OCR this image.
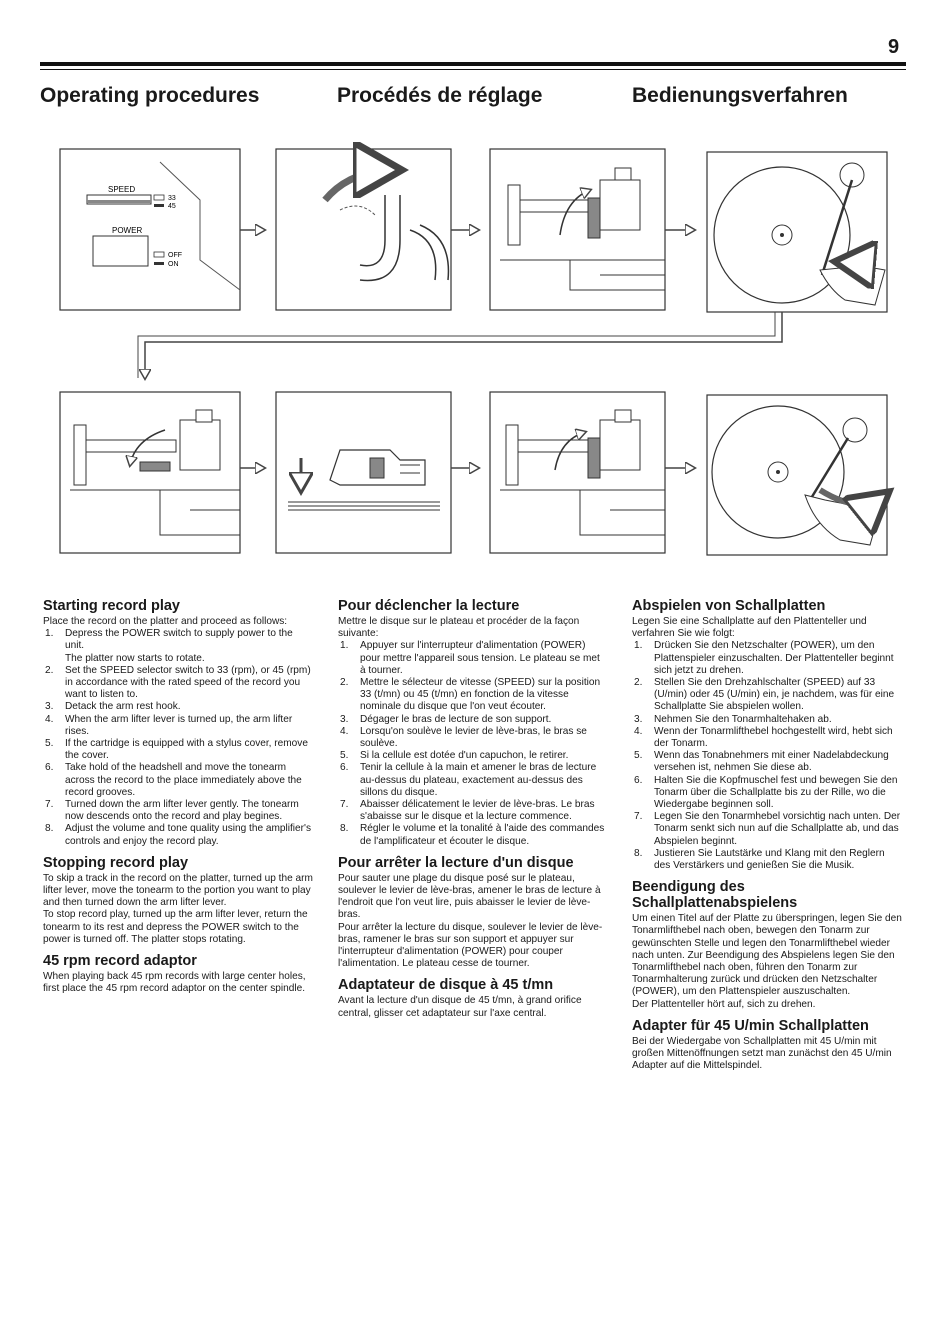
9
Operating procedures	Procédés de réglage	Bedienungsverfahren
SPEED
33
45
POWER
OFF
ON
Starting record play

Place the record on the platter and proceed as follows:

1. Depress the POWER switch to supply power to the unit.
The platter now starts to rotate.
2. Set the SPEED selector switch to 33 (rpm), or 45 (rpm) in accordance with the rated speed of the record you want to listen to.
3. Detack the arm rest hook.
4. When the arm lifter lever is turned up, the arm lifter rises.
5. If the cartridge is equipped with a stylus cover, remove the cover.
6. Take hold of the headshell and move the tonearm across the record to the place immediately above the record grooves.
7. Turned down the arm lifter lever gently. The tonearm now descends onto the record and play begines.
8. Adjust the volume and tone quality using the amplifier's controls and enjoy the record play.
Stopping record play

To skip a track in the record on the platter, turned up the arm lifter lever, move the tonearm to the portion you want to play and then turned down the arm lifter lever.

To stop record play, turned up the arm lifter lever, return the tonearm to its rest and depress the POWER switch to the power is turned off. The platter stops rotating.

45 rpm record adaptor

When playing back 45 rpm records with large center holes, first place the 45 rpm record adaptor on the center spindle.

Pour déclencher la lecture

Mettre le disque sur le plateau et procéder de la façon suivante:

1. Appuyer sur l'interrupteur d'alimentation (POWER) pour mettre l'appareil sous tension. Le plateau se met à tourner.
2. Mettre le sélecteur de vitesse (SPEED) sur la position 33 (t/mn) ou 45 (t/mn) en fonction de la vitesse nominale du disque que l'on veut écouter.
3. Dégager le bras de lecture de son support.
4. Lorsqu'on soulève le levier de lève-bras, le bras se soulève.
5. Si la cellule est dotée d'un capuchon, le retirer.
6. Tenir la cellule à la main et amener le bras de lecture au-dessus du plateau, exactement au-dessus des sillons du disque.
7. Abaisser délicatement le levier de lève-bras. Le bras s'abaisse sur le disque et la lecture commence.
8. Régler le volume et la tonalité à l'aide des commandes de l'amplificateur et écouter le disque.
Pour arrêter la lecture d'un disque

Pour sauter une plage du disque posé sur le plateau, soulever le levier de lève-bras, amener le bras de lecture à l'endroit que l'on veut lire, puis abaisser le levier de lève-bras.

Pour arrêter la lecture du disque, soulever le levier de lève-bras, ramener le bras sur son support et appuyer sur l'interrupteur d'alimentation (POWER) pour couper l'alimentation. Le plateau cesse de tourner.

Adaptateur de disque à 45 t/mn

Avant la lecture d'un disque de 45 t/mn, à grand orifice central, glisser cet adaptateur sur l'axe central.

Abspielen von Schallplatten

Legen Sie eine Schallplatte auf den Plattenteller und verfahren Sie wie folgt:

1. Drücken Sie den Netzschalter (POWER), um den Plattenspieler einzuschalten. Der Plattenteller beginnt sich jetzt zu drehen.
2. Stellen Sie den Drehzahlschalter (SPEED) auf 33 (U/min) oder 45 (U/min) ein, je nachdem, was für eine Schallplatte Sie abspielen wollen.
3. Nehmen Sie den Tonarmhaltehaken ab.
4. Wenn der Tonarmlifthebel hochgestellt wird, hebt sich der Tonarm.
5. Wenn das Tonabnehmers mit einer Nadelabdeckung versehen ist, nehmen Sie diese ab.
6. Halten Sie die Kopfmuschel fest und bewegen Sie den Tonarm über die Schallplatte bis zu der Rille, wo die Wiedergabe beginnen soll.
7. Legen Sie den Tonarmhebel vorsichtig nach unten. Der Tonarm senkt sich nun auf die Schallplatte ab, und das Abspielen beginnt.
8. Justieren Sie Lautstärke und Klang mit den Reglern des Verstärkers und genießen Sie die Musik.
Beendigung des Schallplattenabspielens

Um einen Titel auf der Platte zu überspringen, legen Sie den Tonarmlifthebel nach oben, bewegen den Tonarm zur gewünschten Stelle und legen den Tonarmlifthebel wieder nach unten. Zur Beendigung des Abspielens legen Sie den Tonarmlifthebel nach oben, führen den Tonarm zur Tonarmhalterung zurück und drücken den Netzschalter (POWER), um den Plattenspieler auszuschalten.

Der Plattenteller hört auf, sich zu drehen.

Adapter für 45 U/min Schallplatten

Bei der Wiedergabe von Schallplatten mit 45 U/min mit großen Mittenöffnungen setzt man zunächst den 45 U/min Adapter auf die Mittelspindel.
